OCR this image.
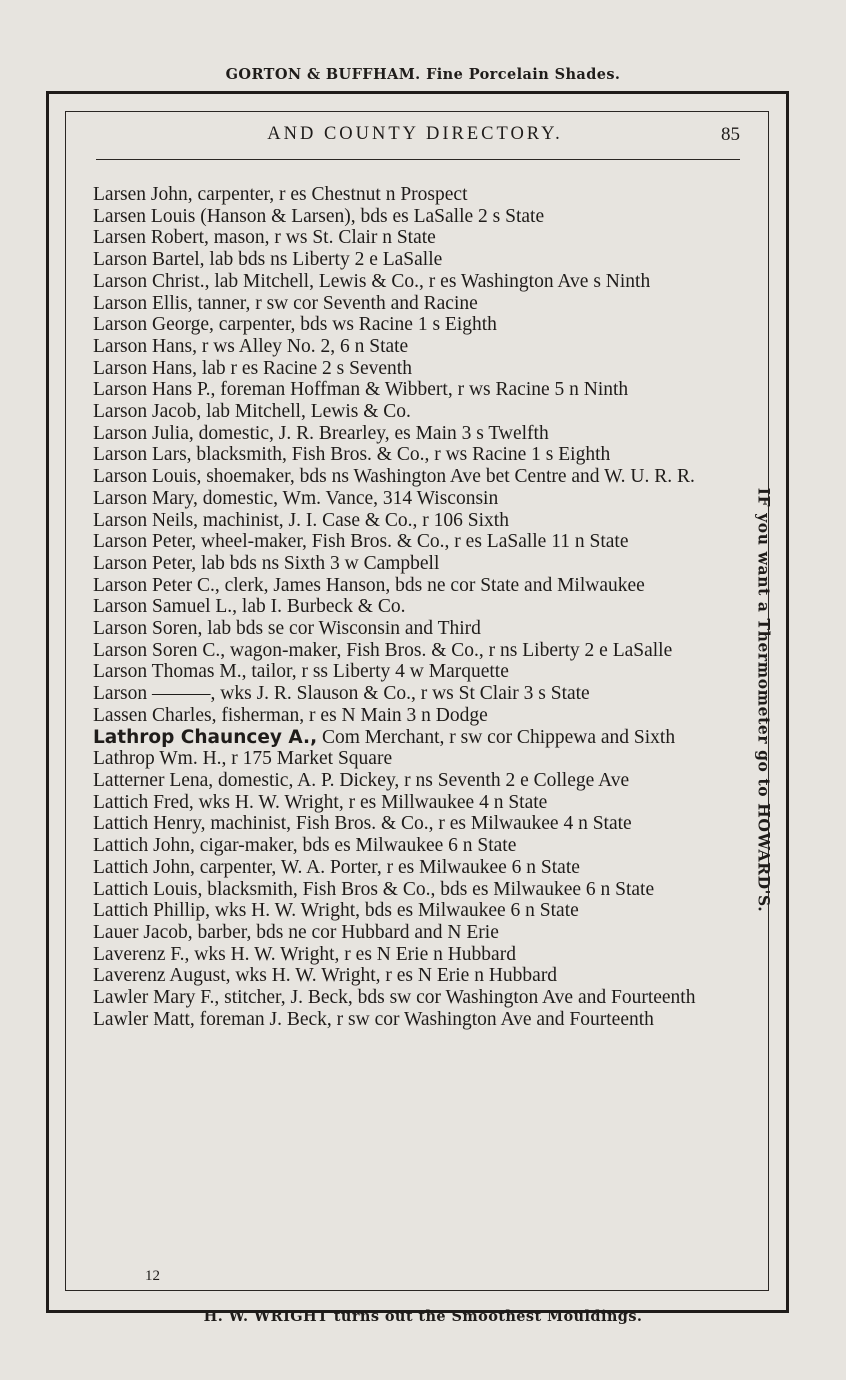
GORTON & BUFFHAM. Fine Porcelain Shades.
AND COUNTY DIRECTORY.	85

Larsen John, carpenter, r es Chestnut n Prospect

Larsen Louis (Hanson & Larsen), bds es LaSalle 2 s State

Larsen Robert, mason, r ws St. Clair n State

Larson Bartel, lab bds ns Liberty 2 e LaSalle

Larson Christ., lab Mitchell, Lewis & Co., r es Washington Ave s Ninth

Larson Ellis, tanner, r sw cor Seventh and Racine

Larson George, carpenter, bds ws Racine 1 s Eighth

Larson Hans, r ws Alley No. 2, 6 n State

Larson Hans, lab r es Racine 2 s Seventh

Larson Hans P., foreman Hoffman & Wibbert, r ws Racine 5 n Ninth

Larson Jacob, lab Mitchell, Lewis & Co.

Larson Julia, domestic, J. R. Brearley, es Main 3 s Twelfth

Larson Lars, blacksmith, Fish Bros. & Co., r ws Racine 1 s Eighth

Larson Louis, shoemaker, bds ns Washington Ave bet Centre and W. U. R. R.

Larson Mary, domestic, Wm. Vance, 314 Wisconsin

Larson Neils, machinist, J. I. Case & Co., r 106 Sixth

Larson Peter, wheel-maker, Fish Bros. & Co., r es LaSalle 11 n State

Larson Peter, lab bds ns Sixth 3 w Campbell

Larson Peter C., clerk, James Hanson, bds ne cor State and Milwaukee

Larson Samuel L., lab I. Burbeck & Co.

Larson Soren, lab bds se cor Wisconsin and Third

Larson Soren C., wagon-maker, Fish Bros. & Co., r ns Liberty 2 e LaSalle

Larson Thomas M., tailor, r ss Liberty 4 w Marquette

Larson ———, wks J. R. Slauson & Co., r ws St Clair 3 s State

Lassen Charles, fisherman, r es N Main 3 n Dodge

Lathrop Chauncey A., Com Merchant, r sw cor Chippewa and Sixth

Lathrop Wm. H., r 175 Market Square

Latterner Lena, domestic, A. P. Dickey, r ns Seventh 2 e College Ave

Lattich Fred, wks H. W. Wright, r es Millwaukee 4 n State

Lattich Henry, machinist, Fish Bros. & Co., r es Milwaukee 4 n State

Lattich John, cigar-maker, bds es Milwaukee 6 n State

Lattich John, carpenter, W. A. Porter, r es Milwaukee 6 n State

Lattich Louis, blacksmith, Fish Bros & Co., bds es Milwaukee 6 n State

Lattich Phillip, wks H. W. Wright, bds es Milwaukee 6 n State

Lauer Jacob, barber, bds ne cor Hubbard and N Erie

Laverenz F., wks H. W. Wright, r es N Erie n Hubbard

Laverenz August, wks H. W. Wright, r es N Erie n Hubbard

Lawler Mary F., stitcher, J. Beck, bds sw cor Washington Ave and Fourteenth

Lawler Matt, foreman J. Beck, r sw cor Washington Ave and Fourteenth

12
IF you want a Thermometer go to HOWARD'S.
H. W. WRIGHT turns out the Smoothest Mouldings.
